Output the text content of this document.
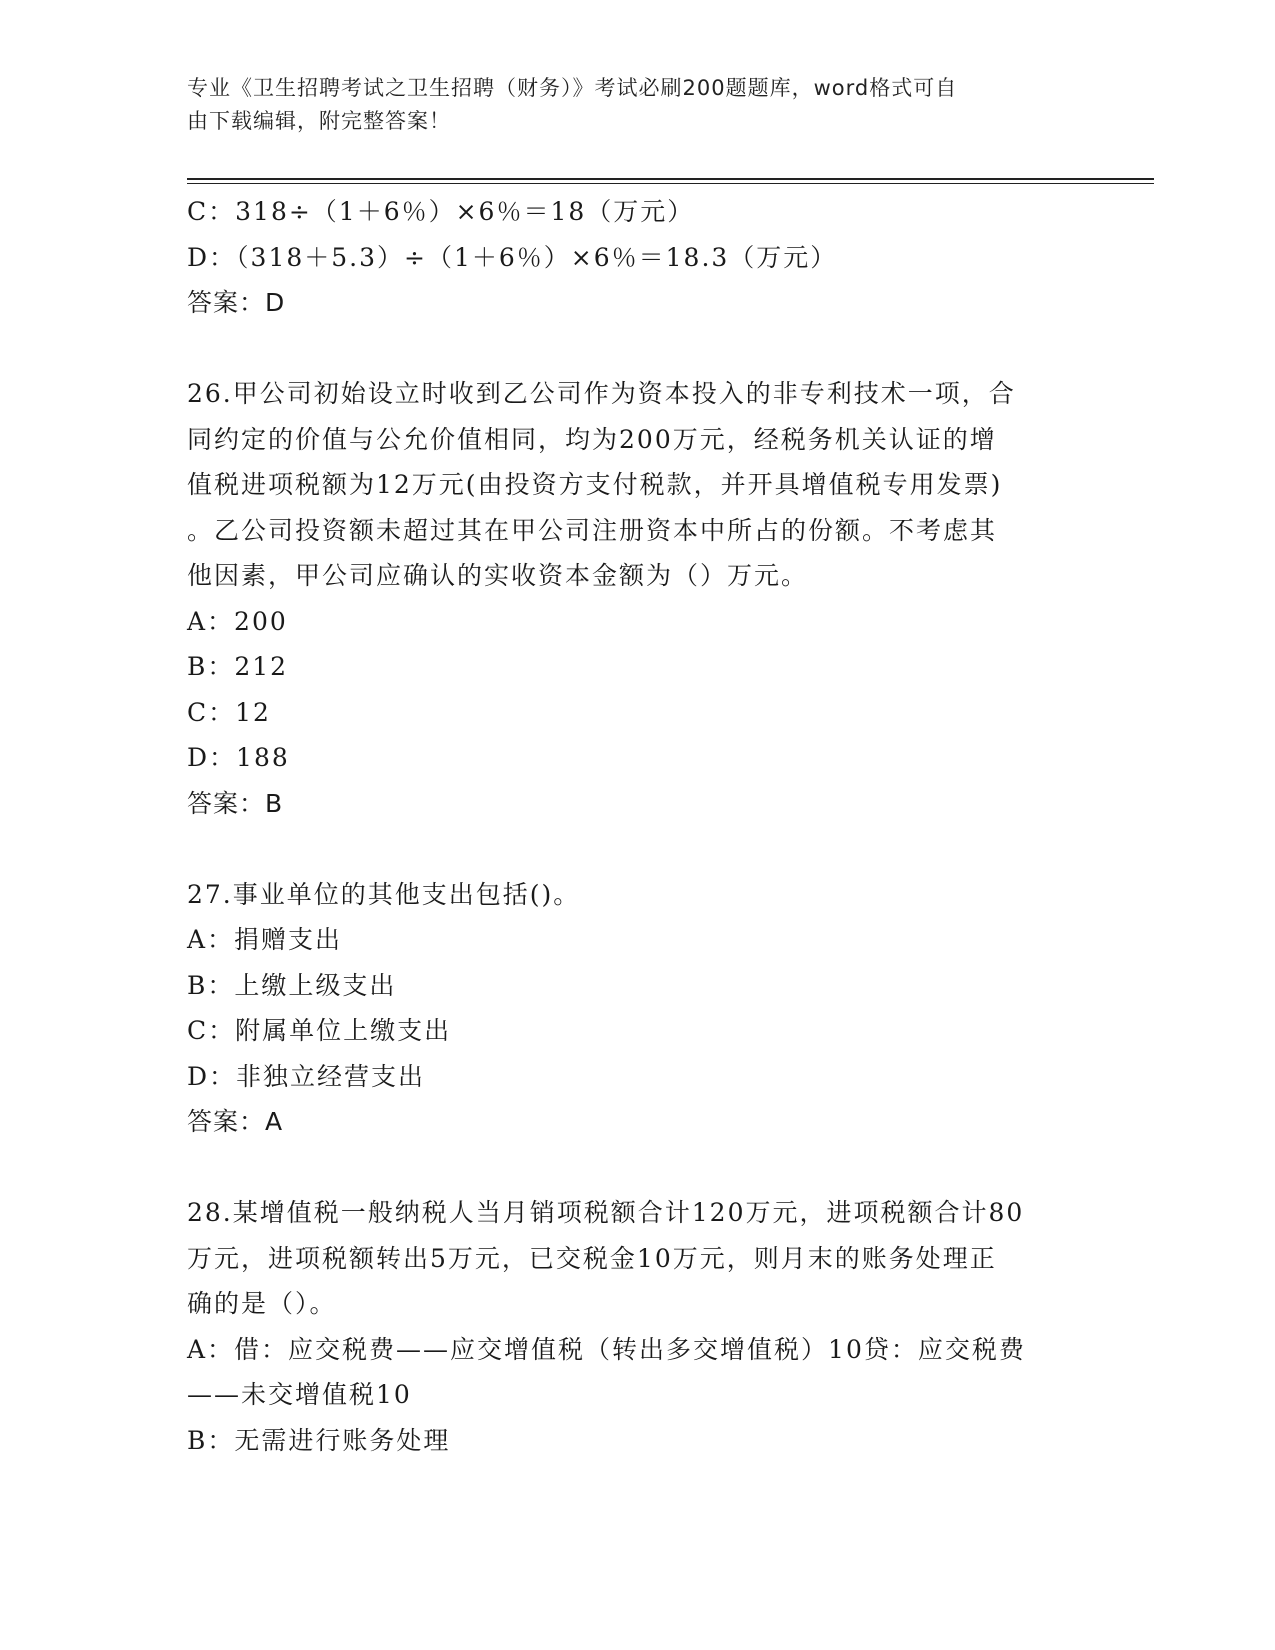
专业《卫生招聘考试之卫生招聘（财务）》考试必刷200题题库，word格式可自
由下载编辑，附完整答案！
C：318÷（1＋6％）×6％＝18（万元）
D：（318＋5.3）÷（1＋6％）×6％＝18.3（万元）
答案：D
26.甲公司初始设立时收到乙公司作为资本投入的非专利技术一项，合
同约定的价值与公允价值相同，均为200万元，经税务机关认证的增
值税进项税额为12万元(由投资方支付税款，并开具增值税专用发票)
。乙公司投资额未超过其在甲公司注册资本中所占的份额。不考虑其
他因素，甲公司应确认的实收资本金额为（）万元。
A：200
B：212
C：12
D：188
答案：B
27.事业单位的其他支出包括()。
A：捐赠支出
B：上缴上级支出
C：附属单位上缴支出
D：非独立经营支出
答案：A
28.某增值税一般纳税人当月销项税额合计120万元，进项税额合计80
万元，进项税额转出5万元，已交税金10万元，则月末的账务处理正
确的是（）。
A：借：应交税费——应交增值税（转出多交增值税）10贷：应交税费
——未交增值税10
B：无需进行账务处理
